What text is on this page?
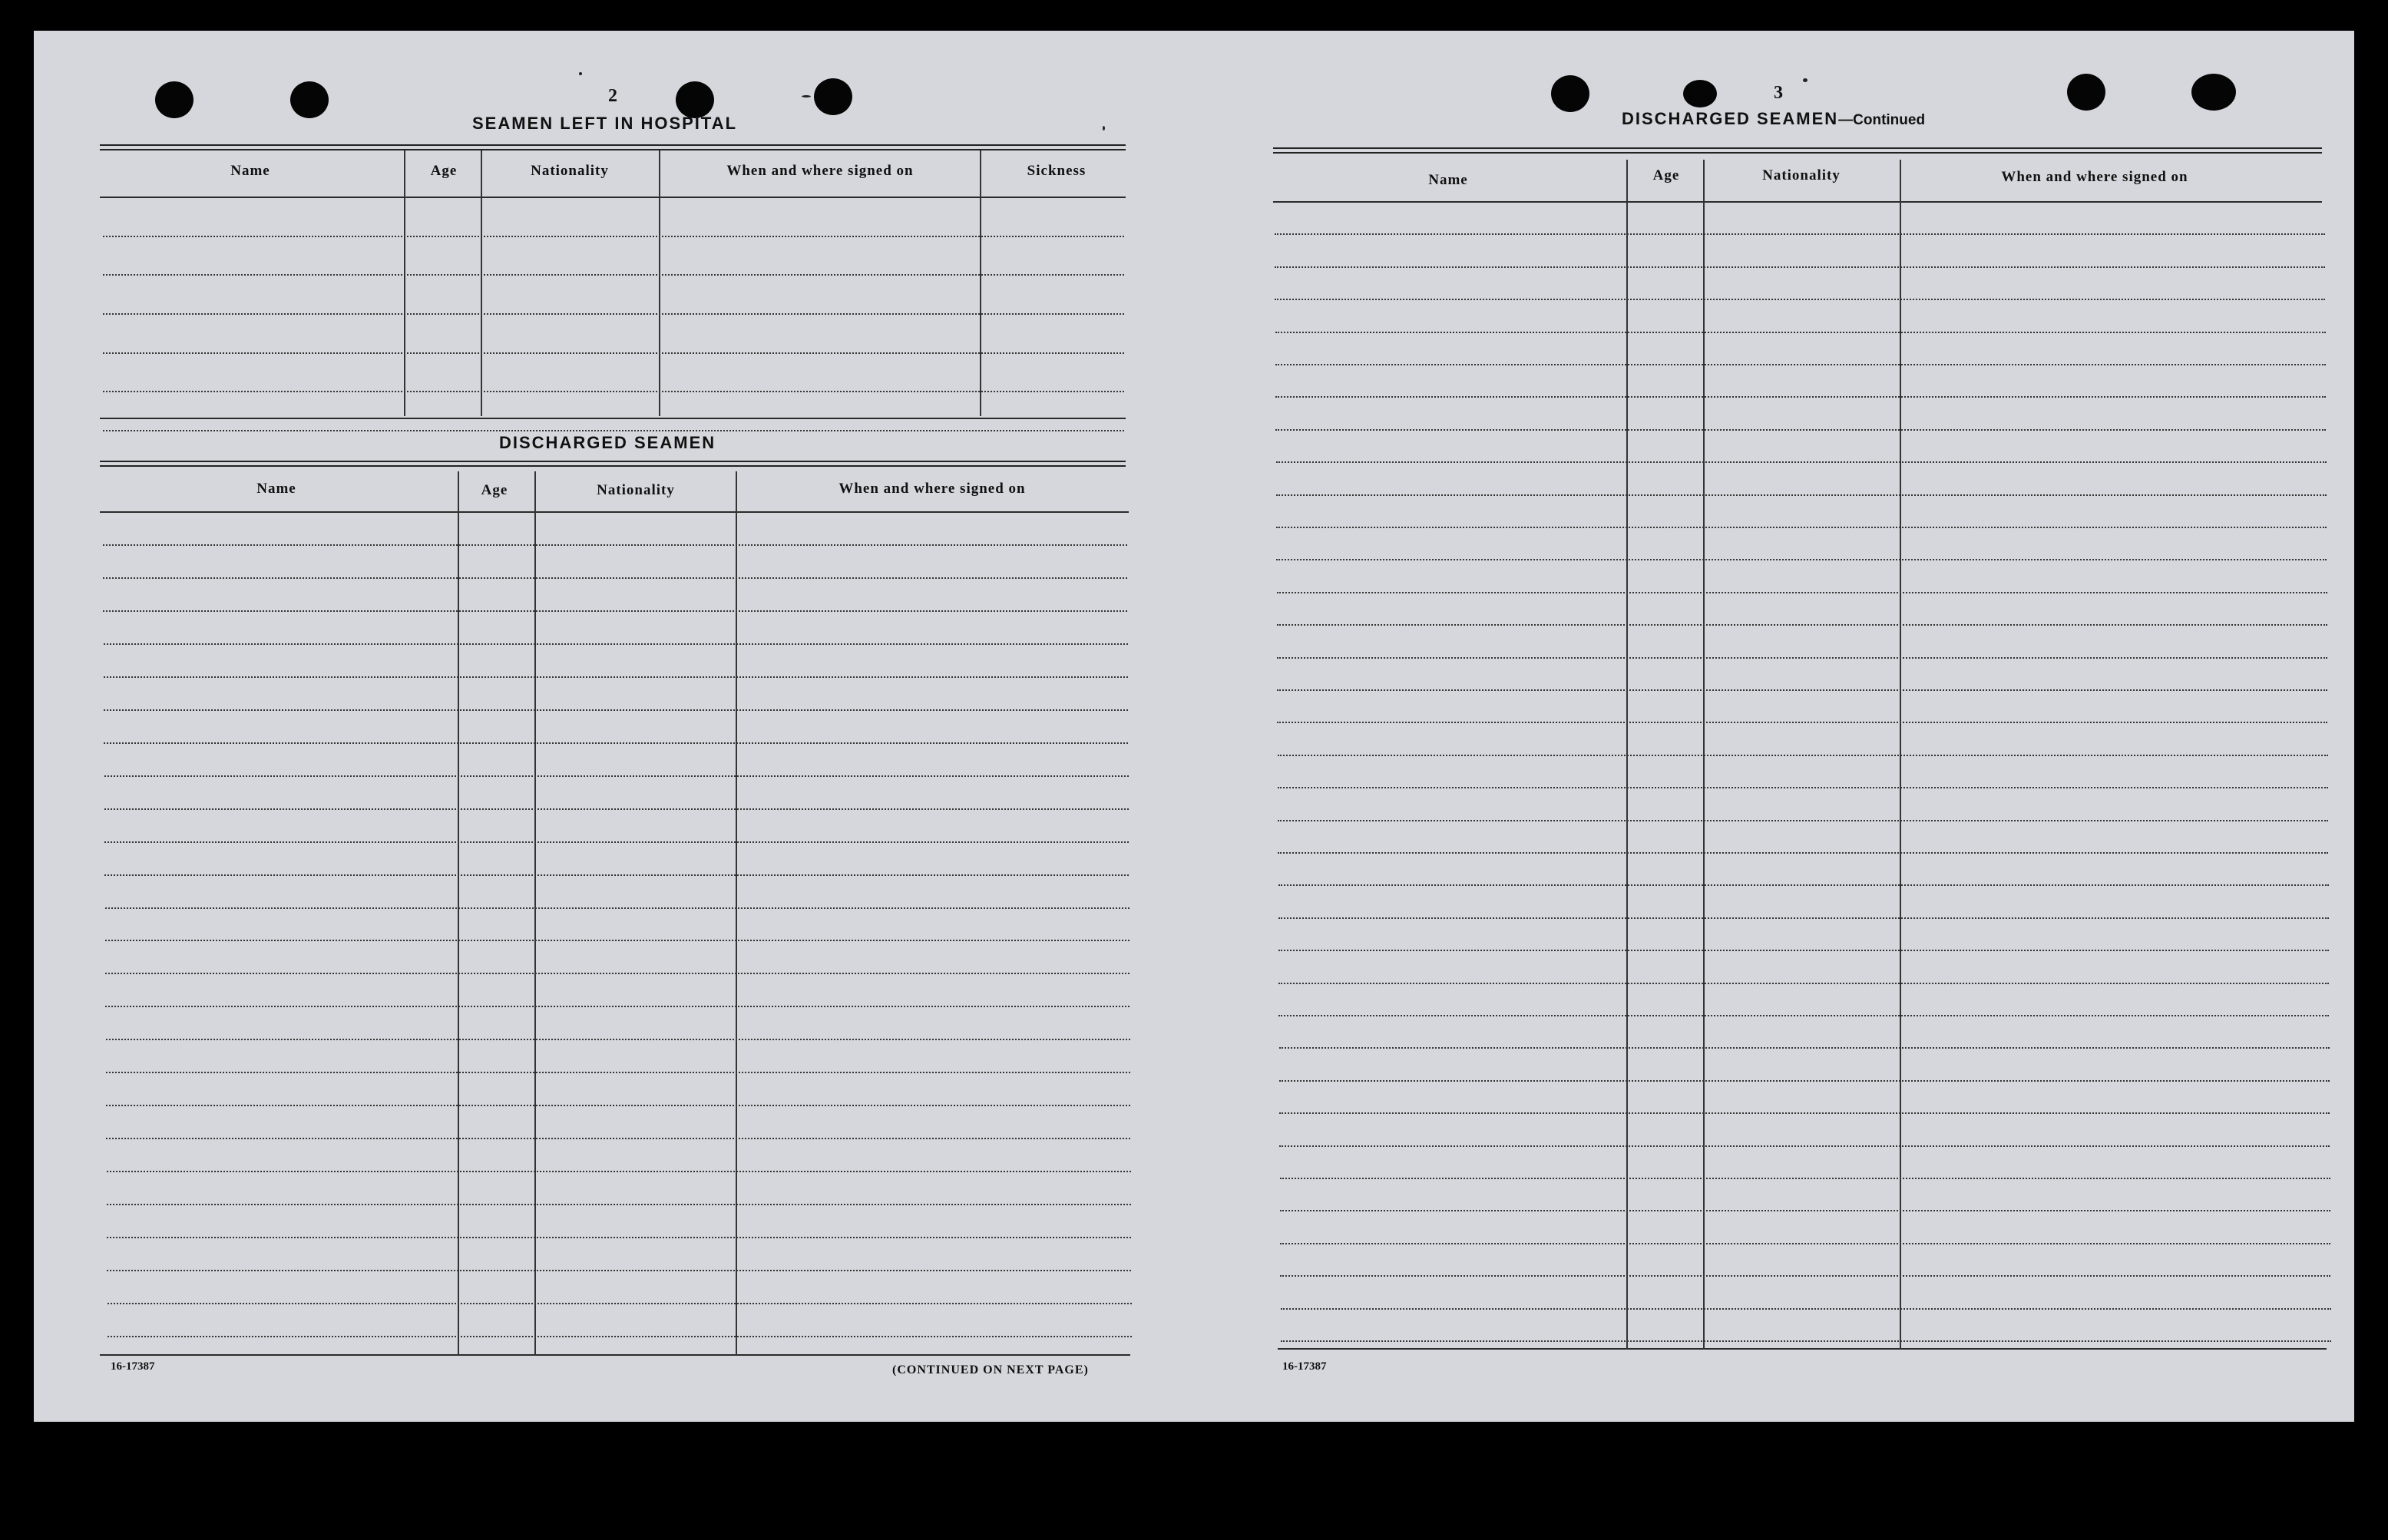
2
SEAMEN LEFT IN HOSPITAL
DISCHARGED SEAMEN
3
DISCHARGED SEAMEN—Continued
Name	Age	Nationality	When and where signed on	Sickness
Name	Age	Nationality	When and where signed on
16-17387	(CONTINUED ON NEXT PAGE)
Name	Age	Nationality	When and where signed on
16-17387
